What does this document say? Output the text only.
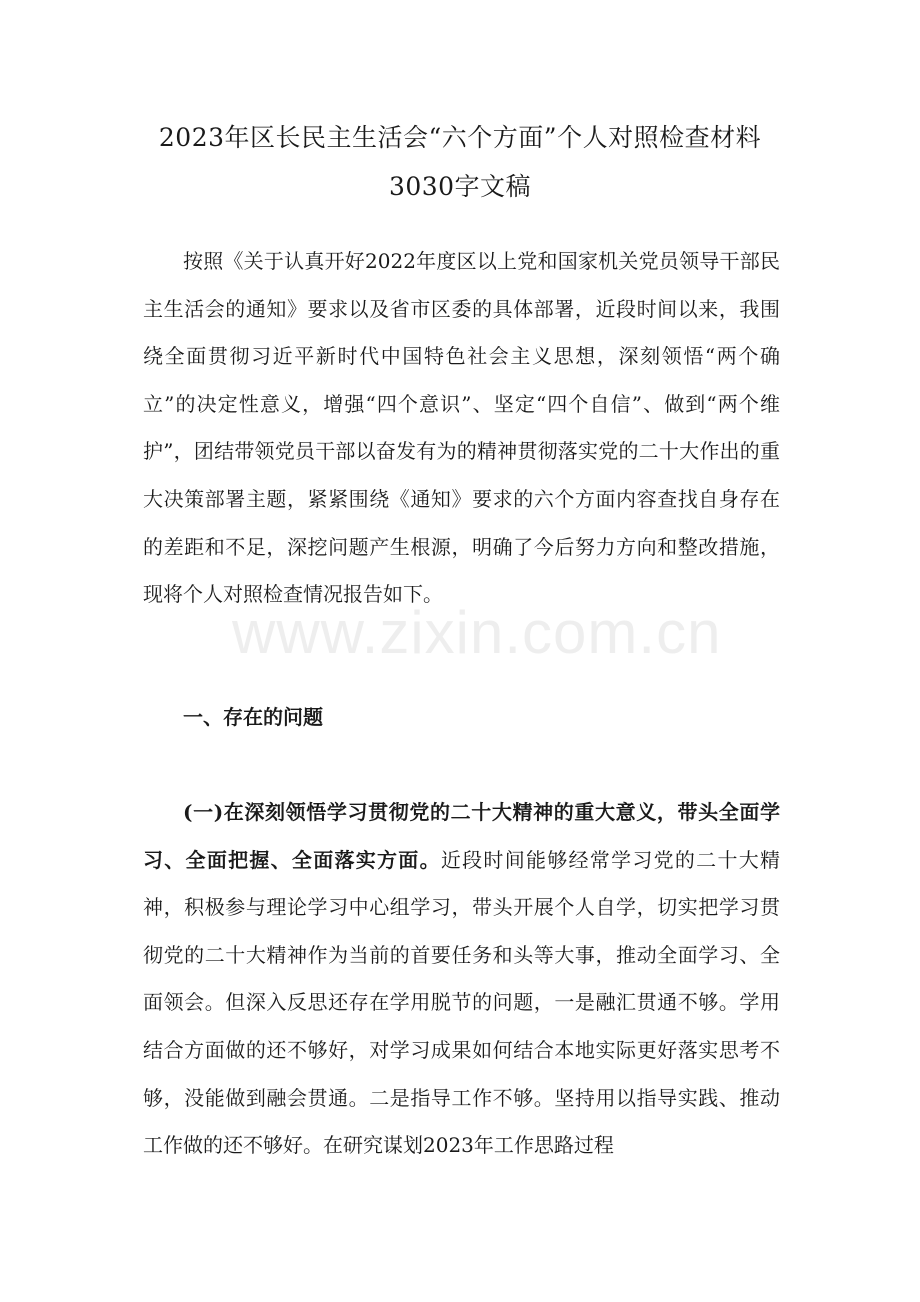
2023年区长民主生活会“六个方面”个人对照检查材料3030字文稿

按照《关于认真开好2022年度区以上党和国家机关党员领导干部民主生活会的通知》要求以及省市区委的具体部署，近段时间以来，我围绕全面贯彻习近平新时代中国特色社会主义思想，深刻领悟“两个确立”的决定性意义，增强“四个意识”、坚定“四个自信”、做到“两个维护”，团结带领党员干部以奋发有为的精神贯彻落实党的二十大作出的重大决策部署主题，紧紧围绕《通知》要求的六个方面内容查找自身存在的差距和不足，深挖问题产生根源，明确了今后努力方向和整改措施，现将个人对照检查情况报告如下。

一、存在的问题

(一)在深刻领悟学习贯彻党的二十大精神的重大意义，带头全面学习、全面把握、全面落实方面。近段时间能够经常学习党的二十大精神，积极参与理论学习中心组学习，带头开展个人自学，切实把学习贯彻党的二十大精神作为当前的首要任务和头等大事，推动全面学习、全面领会。但深入反思还存在学用脱节的问题，一是融汇贯通不够。学用结合方面做的还不够好，对学习成果如何结合本地实际更好落实思考不够，没能做到融会贯通。二是指导工作不够。坚持用以指导实践、推动工作做的还不够好。在研究谋划2023年工作思路过程

www.zixin.com.cn
